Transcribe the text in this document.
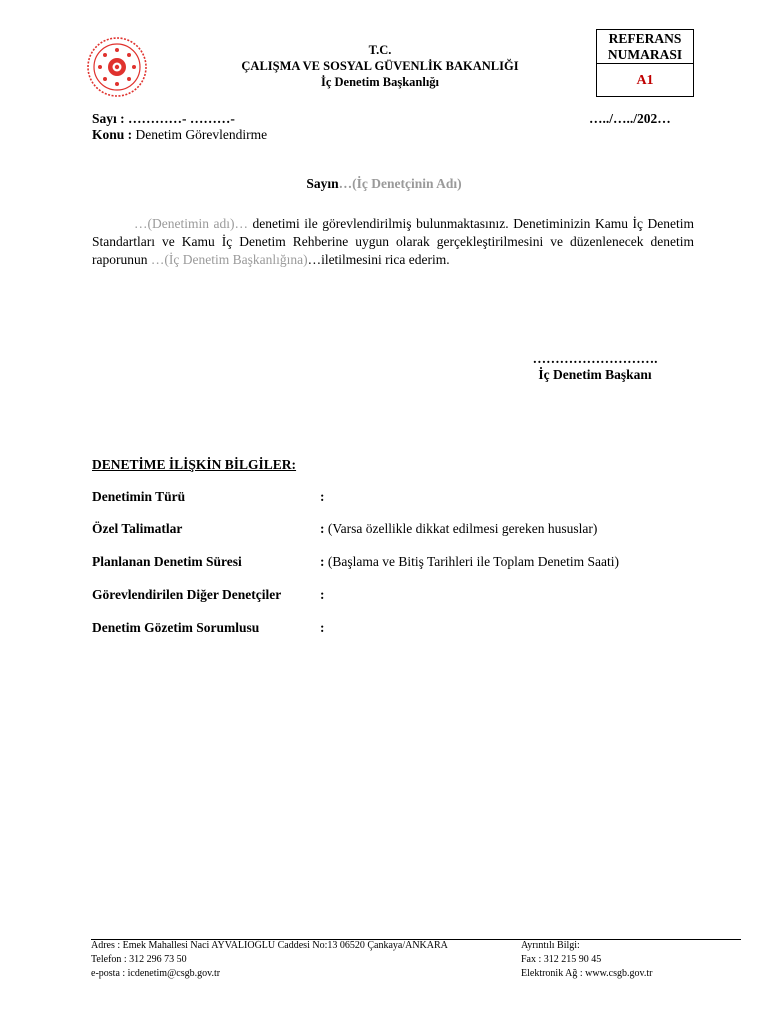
T.C.
ÇALIŞMA VE SOSYAL GÜVENLİK BAKANLIĞI
İç Denetim Başkanlığı
REFERANS
NUMARASI
A1
Sayı : …………- ………-
Konu : Denetim Görevlendirme
…../…../202…
Sayın…(İç Denetçinin Adı)
…(Denetimin adı)… denetimi ile görevlendirilmiş bulunmaktasınız. Denetiminizin Kamu İç Denetim Standartları ve Kamu İç Denetim Rehberine uygun olarak gerçekleştirilmesini ve düzenlenecek denetim raporunun …(İç Denetim Başkanlığına)…iletilmesini rica ederim.
……………………….
İç Denetim Başkanı
DENETİME İLİŞKİN BİLGİLER:
Denetimin Türü	:
Özel Talimatlar	: (Varsa özellikle dikkat edilmesi gereken hususlar)
Planlanan Denetim Süresi	: (Başlama ve Bitiş Tarihleri ile Toplam Denetim Saati)
Görevlendirilen Diğer Denetçiler	:
Denetim Gözetim Sorumlusu	:
Adres : Emek Mahallesi Naci AYVALIOĞLU Caddesi No:13 06520 Çankaya/ANKARA	Ayrıntılı Bilgi:
Telefon : 312 296 73 50	Fax : 312 215 90 45
e-posta : icdenetim@csgb.gov.tr	Elektronik Ağ : www.csgb.gov.tr
